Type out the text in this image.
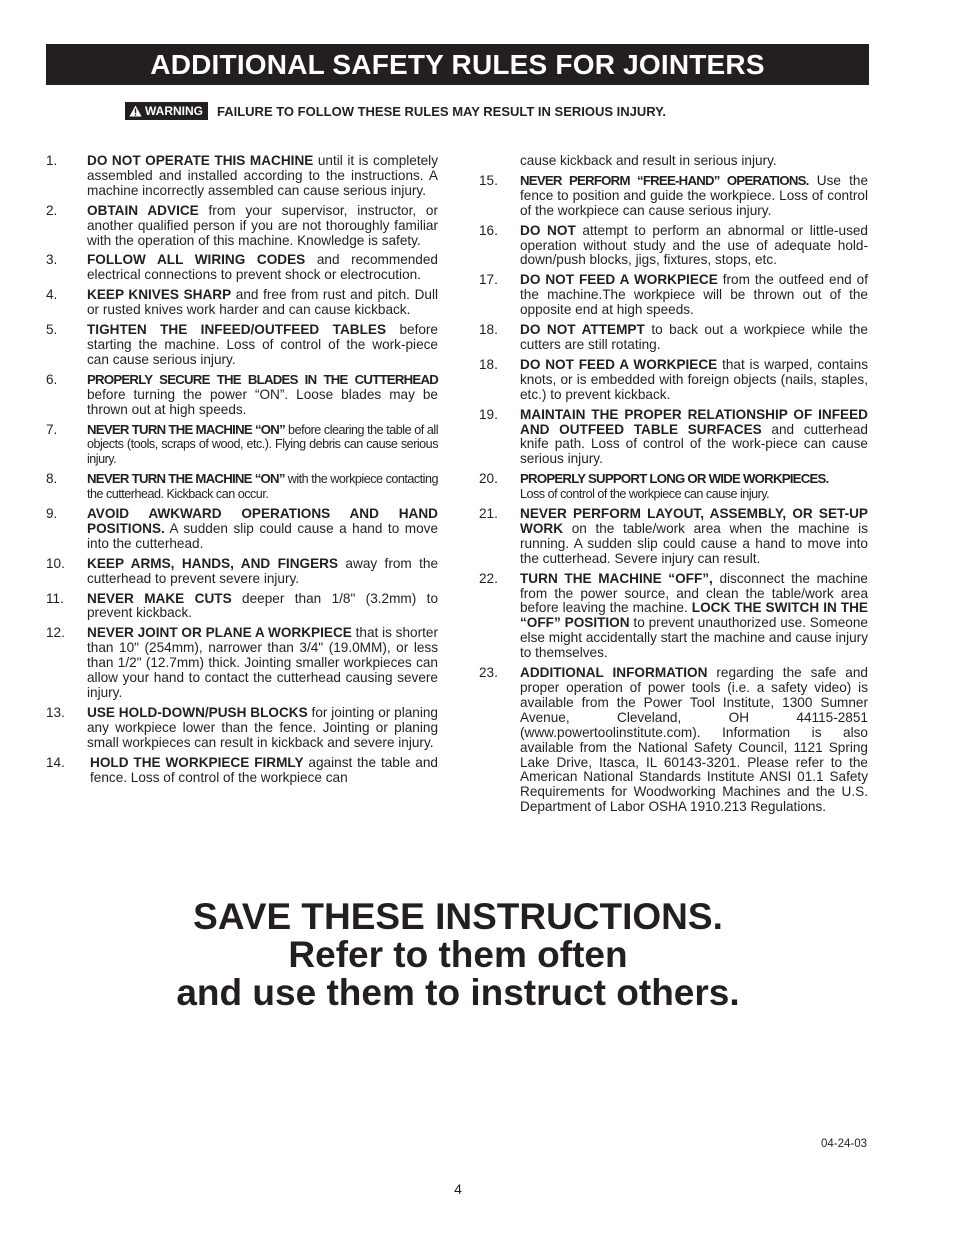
ADDITIONAL SAFETY RULES FOR JOINTERS
WARNING FAILURE TO FOLLOW THESE RULES MAY RESULT IN SERIOUS INJURY.
1.	DO NOT OPERATE THIS MACHINE until it is completely assembled and installed according to the instructions. A machine incorrectly assembled can cause serious injury.
2.	OBTAIN ADVICE from your supervisor, instructor, or another qualified person if you are not thoroughly familiar with the operation of this machine. Knowledge is safety.
3.	FOLLOW ALL WIRING CODES and recommended electrical connections to prevent shock or electrocution.
4.	KEEP KNIVES SHARP and free from rust and pitch. Dull or rusted knives work harder and can cause kickback.
5.	TIGHTEN THE INFEED/OUTFEED TABLES before starting the machine. Loss of control of the work-piece can cause serious injury.
6.	PROPERLY SECURE THE BLADES IN THE CUTTERHEAD before turning the power “ON”. Loose blades may be thrown out at high speeds.
7.	NEVER TURN THE MACHINE “ON” before clearing the table of all objects (tools, scraps of wood, etc.). Flying debris can cause serious injury.
8.	NEVER TURN THE MACHINE “ON” with the workpiece contacting the cutterhead. Kickback can occur.
9.	AVOID AWKWARD OPERATIONS AND HAND POSITIONS. A sudden slip could cause a hand to move into the cutterhead.
10.	KEEP ARMS, HANDS, AND FINGERS away from the cutterhead to prevent severe injury.
11.	NEVER MAKE CUTS deeper than 1/8" (3.2mm) to prevent kickback.
12.	NEVER JOINT OR PLANE A WORKPIECE that is shorter than 10" (254mm), narrower than 3/4" (19.0MM), or less than 1/2" (12.7mm) thick. Jointing smaller workpieces can allow your hand to contact the cutterhead causing severe injury.
13.	USE HOLD-DOWN/PUSH BLOCKS for jointing or planing any workpiece lower than the fence. Jointing or planing small workpieces can result in kickback and severe injury.
14.	HOLD THE WORKPIECE FIRMLY against the table and fence. Loss of control of the workpiece can
cause kickback and result in serious injury.
15.	NEVER PERFORM “FREE-HAND” OPERATIONS. Use the fence to position and guide the workpiece. Loss of control of the workpiece can cause serious injury.
16.	DO NOT attempt to perform an abnormal or little-used operation without study and the use of adequate hold-down/push blocks, jigs, fixtures, stops, etc.
17.	DO NOT FEED A WORKPIECE from the outfeed end of the machine.The workpiece will be thrown out of the opposite end at high speeds.
18.	DO NOT ATTEMPT to back out a workpiece while the cutters are still rotating.
18.	DO NOT FEED A WORKPIECE that is warped, contains knots, or is embedded with foreign objects (nails, staples, etc.) to prevent kickback.
19.	MAINTAIN THE PROPER RELATIONSHIP OF INFEED AND OUTFEED TABLE SURFACES and cutterhead knife path. Loss of control of the work-piece can cause serious injury.
20.	PROPERLY SUPPORT LONG OR WIDE WORKPIECES.
Loss of control of the workpiece can cause injury.
21.	NEVER PERFORM LAYOUT, ASSEMBLY, OR SET-UP WORK on the table/work area when the machine is running. A sudden slip could cause a hand to move into the cutterhead. Severe injury can result.
22.	TURN THE MACHINE “OFF”, disconnect the machine from the power source, and clean the table/work area before leaving the machine. LOCK THE SWITCH IN THE “OFF” POSITION to prevent unauthorized use. Someone else might accidentally start the machine and cause injury to themselves.
23.	ADDITIONAL INFORMATION regarding the safe and proper operation of power tools (i.e. a safety video) is available from the Power Tool Institute, 1300 Sumner Avenue, Cleveland, OH 44115-2851 (www.powertoolinstitute.com). Information is also available from the National Safety Council, 1121 Spring Lake Drive, Itasca, IL 60143-3201. Please refer to the American National Standards Institute ANSI 01.1 Safety Requirements for Woodworking Machines and the U.S. Department of Labor OSHA 1910.213 Regulations.
SAVE THESE INSTRUCTIONS.
Refer to them often
and use them to instruct others.
04-24-03
4
